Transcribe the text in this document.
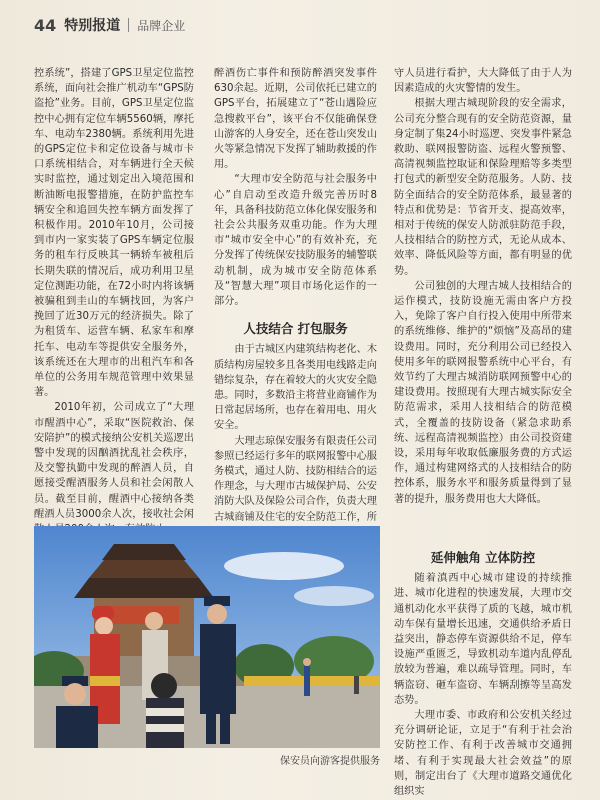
44 特别报道 品牌企业

控系统”，搭建了GPS卫星定位监控系统，面向社会推广机动车“GPS防盗抢”业务。目前，GPS卫星定位监控中心拥有定位车辆5560辆，摩托车、电动车2380辆。系统利用先进的GPS定位卡和定位设备与城市卡口系统相结合，对车辆进行全天候实时监控，通过划定出入境范围和断油断电报警措施，在防护监控车辆安全和追回失控车辆方面发挥了积极作用。2010年10月，公司接到市内一家实装了GPS车辆定位服务的租车行反映其一辆轿车被租后长期失联的情况后，成功利用卫星定位测距功能，在72小时内将该辆被骗租到圭山的车辆找回，为客户挽回了近30万元的经济损失。除了为租赁车、运营车辆、私家车和摩托车、电动车等提供安全服务外，该系统还在大理市的出租汽车和各单位的公务用车规范管理中效果显著。

2010年初，公司成立了“大理市醒酒中心”，采取“医院救治、保安陪护”的模式接纳公安机关巡逻出警中发现的因酗酒扰乱社会秩序，及交警执勤中发现的醉酒人员，自愿接受醒酒服务人员和社会闲散人员。截至目前，醒酒中心接纳各类醒酒人员3000余人次，接收社会闲

醉酒伤亡事件和预防醉酒突发事件630余起。近期，公司依托已建立的GPS平台，拓展建立了“苍山遇险应急搜救平台”，该平台不仅能确保登山游客的人身安全，还在苍山突发山火等紧急情况下发挥了辅助救援的作用。

“大理市安全防范与社会服务中心”自启动至改造升级完善历时8年，具备科技防范立体化保安服务和社会公共服务双重功能。作为大理市“城市安全中心”的有效补充，充分发挥了传统保安技防服务的辅警联动机制，成为城市安全防范体系及“智慧大理”项目市场化运作的一部分。

人技结合 打包服务

由于古城区内建筑结构老化、木质结构房屋较多且各类用电线路走向错综复杂，存在着较大的火灾安全隐患。同时，多数沿主将营业商铺作为日常起居场所，也存在着用电、用火安全。

大理志琼保安服务有限责任公司参照已经运行多年的联网报警中心服务模式，通过人防、技防相结合的运作理念，与大理市古城保护局、公安消防大队及保险公司合作，负责大理古城商铺及住宅的安全防范工作，所

守人员进行看护，大大降低了由于人为因素造成的火灾警情的发生。

根据大理古城现阶段的安全需求，公司充分整合现有的安全防范资源，量身定制了集24小时巡逻、突发事件紧急救助、联网报警防盗、远程火警预警、高清视频监控取证和保险理赔等多类型打包式的新型安全防范服务。人防、技防全面结合的安全防范体系，最显著的特点和优势是：节省开支、提高效率，相对于传统的保安人防派驻防范手段，人技相结合的防控方式，无论从成本、效率、降低风险等方面，都有明显的优势。

公司独创的大理古城人技相结合的运作模式，技防设施无需由客户方投入，免除了客户自行投入使用中所带来的系统维修、维护的“烦恼”及高昂的建设费用。同时，充分利用公司已经投入使用多年的联网报警系统中心平台，有效节约了大理古城消防联网预警中心的建设费用。按照现有大理古城实际安全防范需求，采用人技相结合的防范模式，全覆盖的技防设备（紧急求助系统、远程高清视频监控）由公司投资建设，采用每年收取低廉服务费的方式运作，通过构建网络式的人技相结合的防控体系，服务水平和服务质量得到了显著的提升，服务费用也大大降低。

延伸触角 立体防控

随着滇西中心城市建设的持续推进、城市化进程的快速发展，大理市交通机动化水平获得了质的飞越，城市机动车保有量增长迅速，交通供给矛盾日益突出，静态停车资源供给不足，停车设施严重匮乏，导致机动车道内乱停乱放较为普遍，难以疏导管理。同时，车辆盗窃、砸车盗窃、车辆刮擦等呈高发态势。

大理市委、市政府和公安机关经过充分调研论证，立足于“有利于社会治安防控工作、有利于改善城市交通拥堵、有利于实现最大社会效益”的原则，制定出台了《大理市道路交通优化组织实

保安员向游客提供服务
